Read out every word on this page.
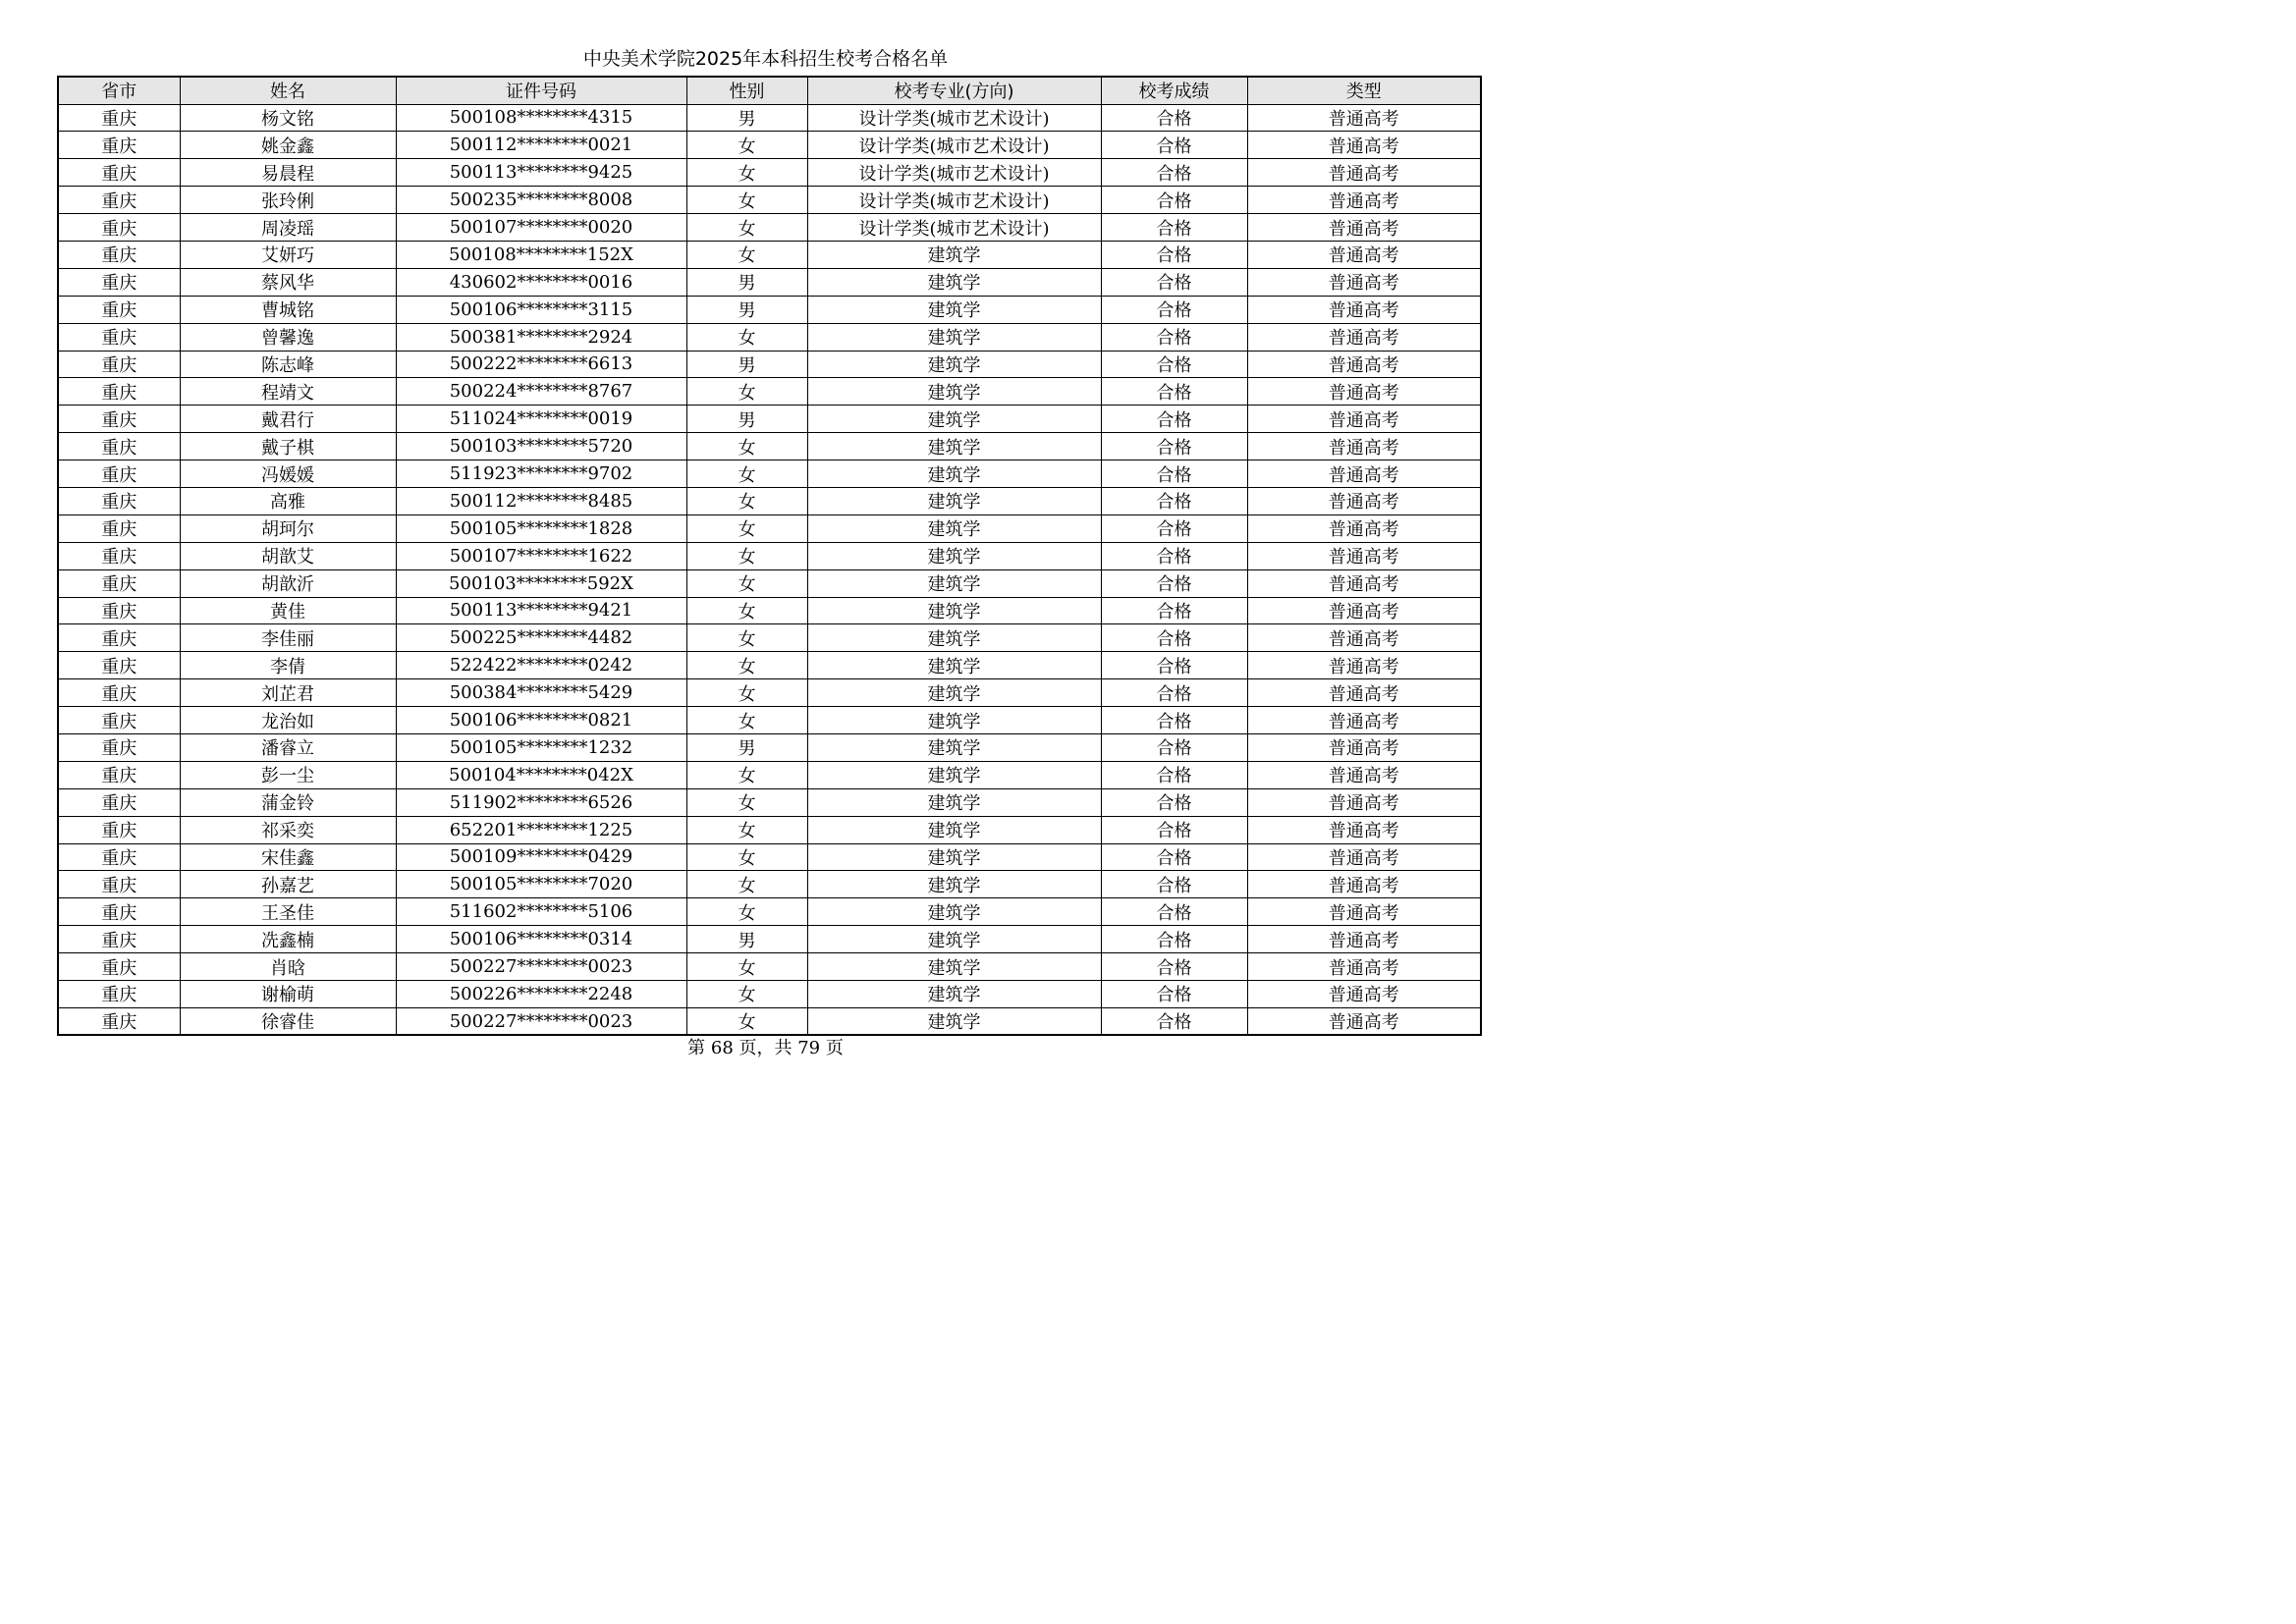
中央美术学院2025年本科招生校考合格名单
省市	姓名	证件号码	性别	校考专业(方向)	校考成绩	类型
重庆	杨文铭	500108********4315	男	设计学类(城市艺术设计)	合格	普通高考
重庆	姚金鑫	500112********0021	女	设计学类(城市艺术设计)	合格	普通高考
重庆	易晨程	500113********9425	女	设计学类(城市艺术设计)	合格	普通高考
重庆	张玲俐	500235********8008	女	设计学类(城市艺术设计)	合格	普通高考
重庆	周凌瑶	500107********0020	女	设计学类(城市艺术设计)	合格	普通高考
重庆	艾妍巧	500108********152X	女	建筑学	合格	普通高考
重庆	蔡风华	430602********0016	男	建筑学	合格	普通高考
重庆	曹城铭	500106********3115	男	建筑学	合格	普通高考
重庆	曾馨逸	500381********2924	女	建筑学	合格	普通高考
重庆	陈志峰	500222********6613	男	建筑学	合格	普通高考
重庆	程靖文	500224********8767	女	建筑学	合格	普通高考
重庆	戴君行	511024********0019	男	建筑学	合格	普通高考
重庆	戴子棋	500103********5720	女	建筑学	合格	普通高考
重庆	冯媛媛	511923********9702	女	建筑学	合格	普通高考
重庆	高雅	500112********8485	女	建筑学	合格	普通高考
重庆	胡珂尔	500105********1828	女	建筑学	合格	普通高考
重庆	胡歆艾	500107********1622	女	建筑学	合格	普通高考
重庆	胡歆沂	500103********592X	女	建筑学	合格	普通高考
重庆	黄佳	500113********9421	女	建筑学	合格	普通高考
重庆	李佳丽	500225********4482	女	建筑学	合格	普通高考
重庆	李倩	522422********0242	女	建筑学	合格	普通高考
重庆	刘芷君	500384********5429	女	建筑学	合格	普通高考
重庆	龙治如	500106********0821	女	建筑学	合格	普通高考
重庆	潘睿立	500105********1232	男	建筑学	合格	普通高考
重庆	彭一尘	500104********042X	女	建筑学	合格	普通高考
重庆	蒲金铃	511902********6526	女	建筑学	合格	普通高考
重庆	祁采奕	652201********1225	女	建筑学	合格	普通高考
重庆	宋佳鑫	500109********0429	女	建筑学	合格	普通高考
重庆	孙嘉艺	500105********7020	女	建筑学	合格	普通高考
重庆	王圣佳	511602********5106	女	建筑学	合格	普通高考
重庆	冼鑫楠	500106********0314	男	建筑学	合格	普通高考
重庆	肖晗	500227********0023	女	建筑学	合格	普通高考
重庆	谢榆萌	500226********2248	女	建筑学	合格	普通高考
重庆	徐睿佳	500227********0023	女	建筑学	合格	普通高考
第 68 页，共 79 页
